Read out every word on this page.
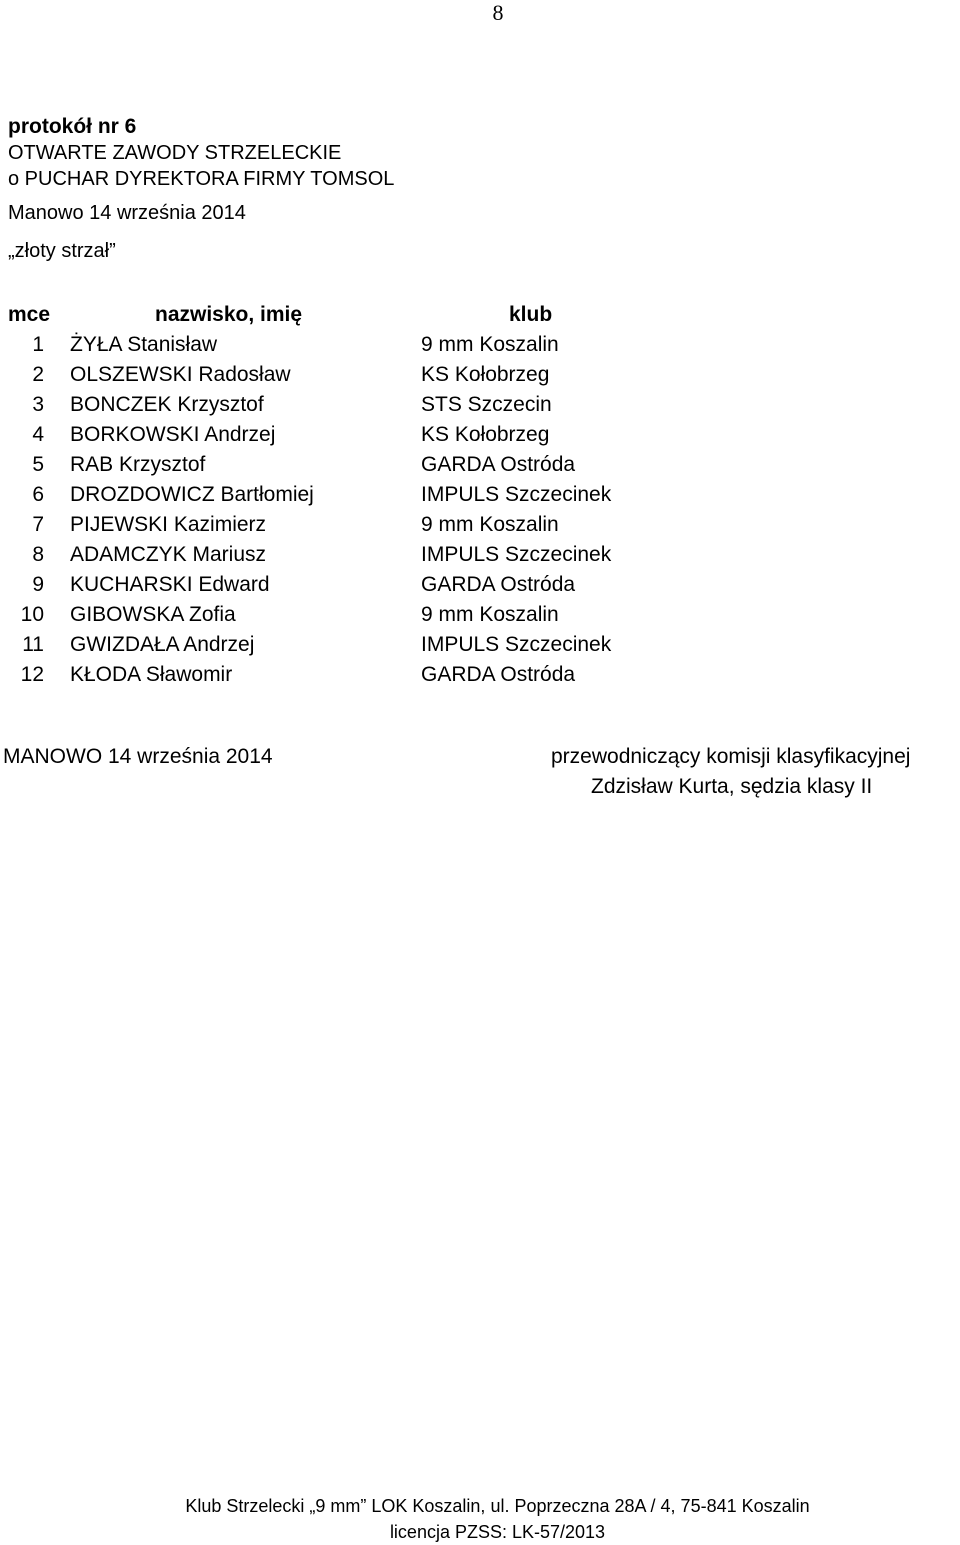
8
protokół nr 6
OTWARTE ZAWODY STRZELECKIE
o PUCHAR DYREKTORA FIRMY TOMSOL
Manowo 14 września 2014
„złoty strzał”
mce	nazwisko, imię	klub
1 ŻYŁA Stanisław	9 mm Koszalin
2 OLSZEWSKI Radosław	KS Kołobrzeg
3 BONCZEK Krzysztof	STS Szczecin
4 BORKOWSKI Andrzej	KS Kołobrzeg
5 RAB Krzysztof	GARDA Ostróda
6 DROZDOWICZ Bartłomiej	IMPULS Szczecinek
7 PIJEWSKI Kazimierz	9 mm Koszalin
8 ADAMCZYK Mariusz	IMPULS Szczecinek
9 KUCHARSKI Edward	GARDA Ostróda
10 GIBOWSKA Zofia	9 mm Koszalin
11 GWIZDAŁA Andrzej	IMPULS Szczecinek
12 KŁODA Sławomir	GARDA Ostróda
MANOWO 14 września 2014	przewodniczący komisji klasyfikacyjnej
Zdzisław Kurta, sędzia klasy II
Klub Strzelecki „9 mm” LOK Koszalin, ul. Poprzeczna 28A / 4, 75-841 Koszalin
licencja PZSS: LK-57/2013
